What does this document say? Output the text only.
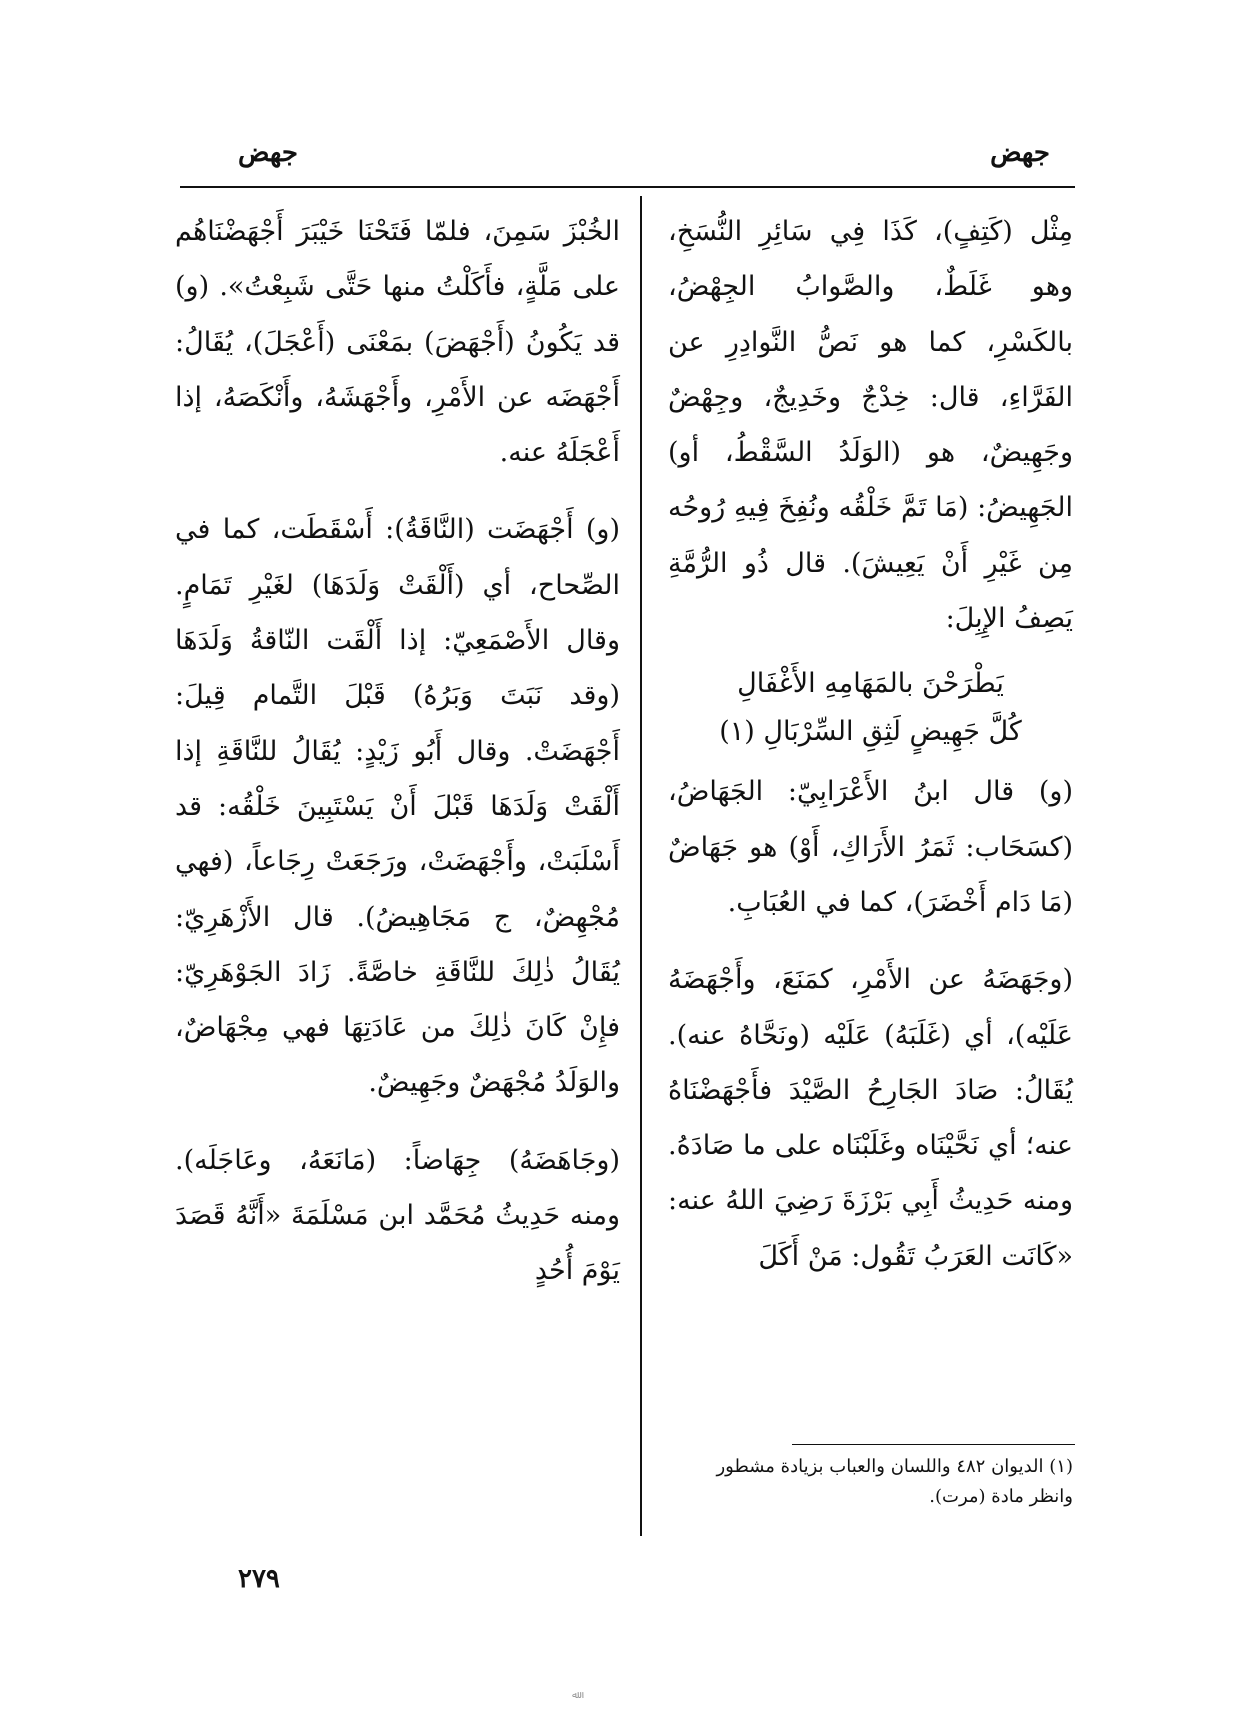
جهض
جهض

مِثْل (كَتِفٍ)، كَذَا فِي سَائِرِ النُّسَخِ، وهو غَلَطٌ، والصَّوابُ الجِهْضُ، بالكَسْرِ، كما هو نَصُّ النَّوادِرِ عن الفَرَّاءِ، قال: خِدْجٌ وخَدِيجٌ، وجِهْضٌ وجَهِيضٌ، هو (الوَلَدُ السَّقْطُ، أو) الجَهِيضُ: (مَا تَمَّ خَلْقُه ونُفِخَ فِيهِ رُوحُه مِن غَيْرِ أَنْ يَعِيشَ). قال ذُو الرُّمَّةِ يَصِفُ الإِبِلَ:

يَطْرَحْنَ بالمَهَامِهِ الأَغْفَالِ
كُلَّ جَهِيضٍ لَثِقِ السِّرْبَالِ (١)

(و) قال ابنُ الأَعْرَابِيّ: الجَهَاضُ، (كسَحَاب: ثَمَرُ الأَرَاكِ، أَوْ) هو جَهَاضٌ (مَا دَام أَخْضَرَ)، كما في العُبَابِ.

(وجَهَضَهُ عن الأَمْرِ، كمَنَعَ، وأَجْهَضَهُ عَلَيْه)، أي (غَلَبَهُ) عَلَيْه (ونَحَّاهُ عنه). يُقَالُ: صَادَ الجَارِحُ الصَّيْدَ فأَجْهَضْنَاهُ عنه؛ أي نَحَّيْنَاه وغَلَبْنَاه على ما صَادَهُ. ومنه حَدِيثُ أَبِي بَرْزَةَ رَضِيَ اللهُ عنه: «كَانَت العَرَبُ تَقُول: مَنْ أَكَلَ

(١) الديوان ٤٨٢ واللسان والعباب بزيادة مشطور وانظر مادة (مرت).

الخُبْزَ سَمِنَ، فلمّا فَتَحْنَا خَيْبَرَ أَجْهَضْنَاهُم على مَلَّةٍ، فأَكَلْتُ منها حَتَّى شَبِعْتُ». (و) قد يَكُونُ (أَجْهَضَ) بمَعْنَى (أَعْجَلَ)، يُقَالُ: أَجْهَضَه عن الأَمْرِ، وأَجْهَشَهُ، وأَنْكَصَهُ، إذا أَعْجَلَهُ عنه.

(و) أَجْهَضَت (النَّاقَةُ): أَسْقَطَت، كما في الصِّحاح، أي (أَلْقَتْ وَلَدَهَا) لغَيْرِ تَمَامٍ. وقال الأَصْمَعِيّ: إذا أَلْقَت النّاقةُ وَلَدَهَا (وقد نَبَتَ وَبَرُهُ) قَبْلَ التَّمام قِيلَ: أَجْهَضَتْ. وقال أَبُو زَيْدٍ: يُقَالُ للنَّاقَةِ إذا أَلْقَتْ وَلَدَهَا قَبْلَ أَنْ يَسْتَبِينَ خَلْقُه: قد أَسْلَبَتْ، وأَجْهَضَتْ، ورَجَعَتْ رِجَاعاً، (فهي مُجْهِضٌ، ج مَجَاهِيضُ). قال الأَزْهَرِيّ: يُقَالُ ذٰلِكَ للنَّاقَةِ خاصَّةً. زَادَ الجَوْهَرِيّ: فإِنْ كَانَ ذٰلِكَ من عَادَتِهَا فهي مِجْهَاضٌ، والوَلَدُ مُجْهَضٌ وجَهِيضٌ.

(وجَاهَضَهُ) جِهَاضاً: (مَانَعَهُ، وعَاجَلَه). ومنه حَدِيثُ مُحَمَّد ابن مَسْلَمَةَ «أَنَّهُ قَصَدَ يَوْمَ أُحُدٍ

٢٧٩
ﷲ
